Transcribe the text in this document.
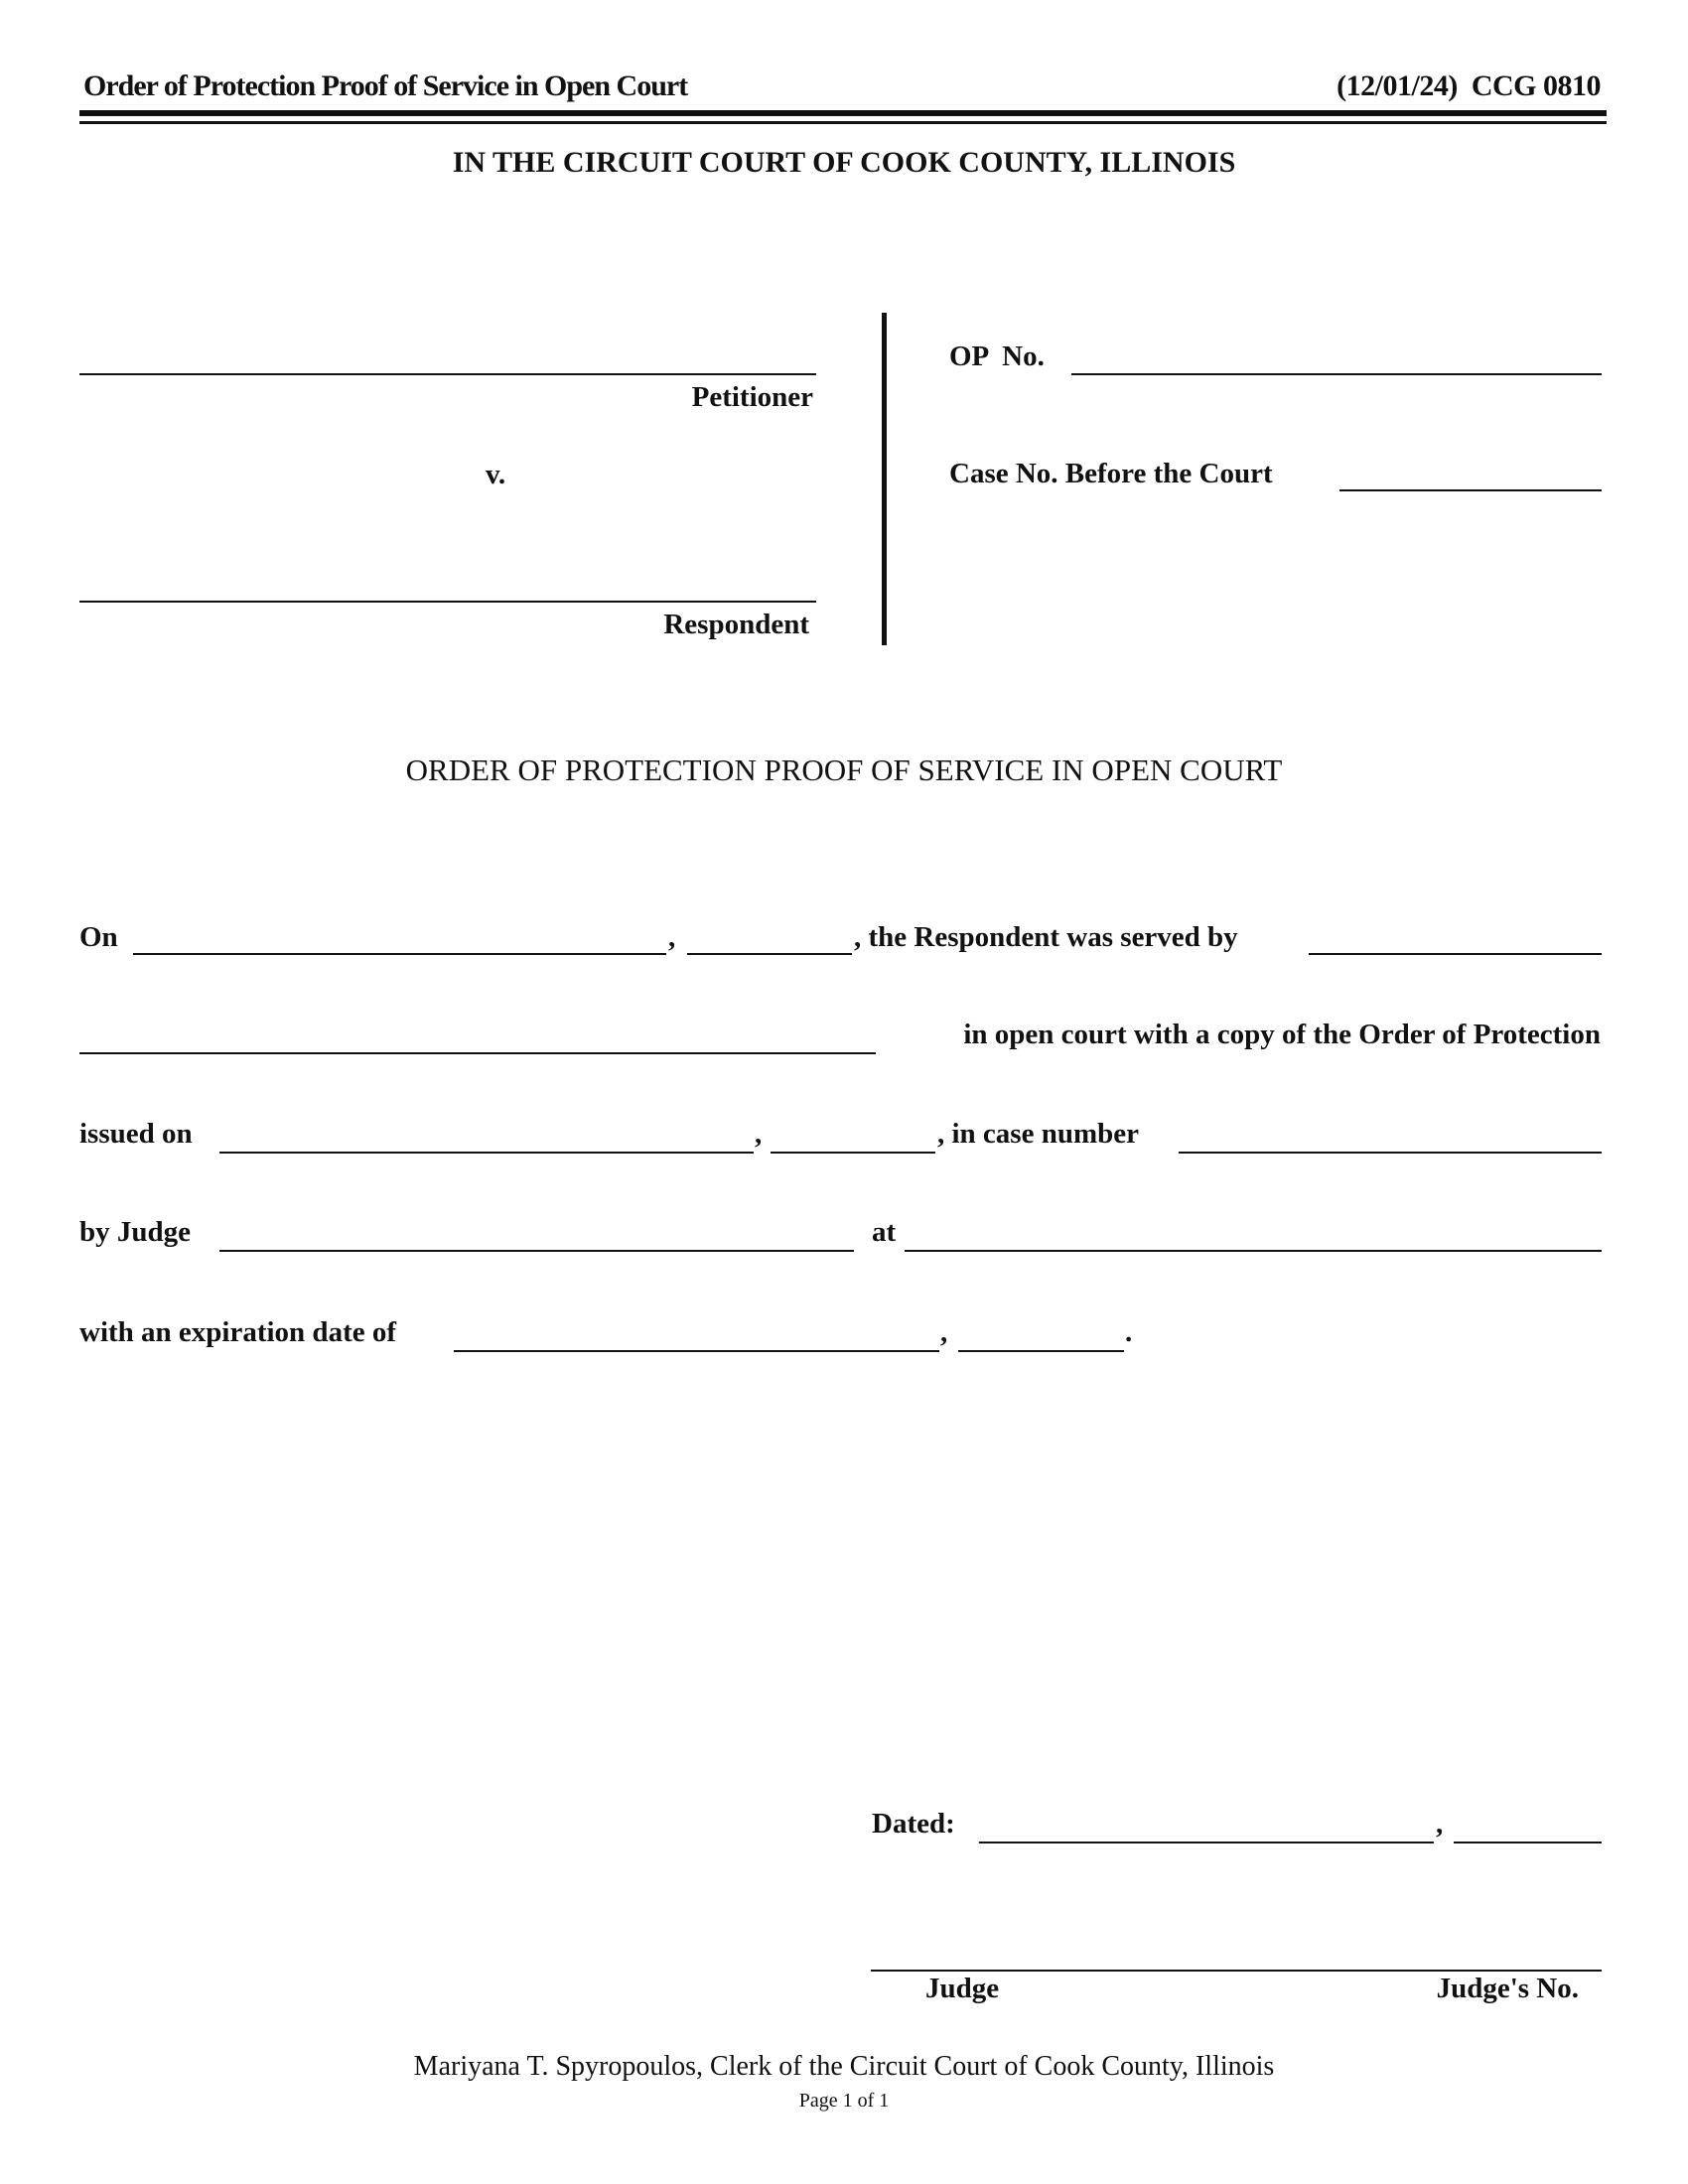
Order of Protection Proof of Service in Open Court	(12/01/24)  CCG 0810
IN THE CIRCUIT COURT OF COOK COUNTY, ILLINOIS
Petitioner
v.
Respondent
OP  No.
Case No. Before the Court
ORDER OF PROTECTION PROOF OF SERVICE IN OPEN COURT
On	,	, the Respondent was served by
in open court with a copy of the Order of Protection
issued on	,	, in case number
by Judge	at
with an expiration date of	,	.
Dated:	,
Judge	Judge's No.
Mariyana T. Spyropoulos, Clerk of the Circuit Court of Cook County, Illinois
Page 1 of 1
